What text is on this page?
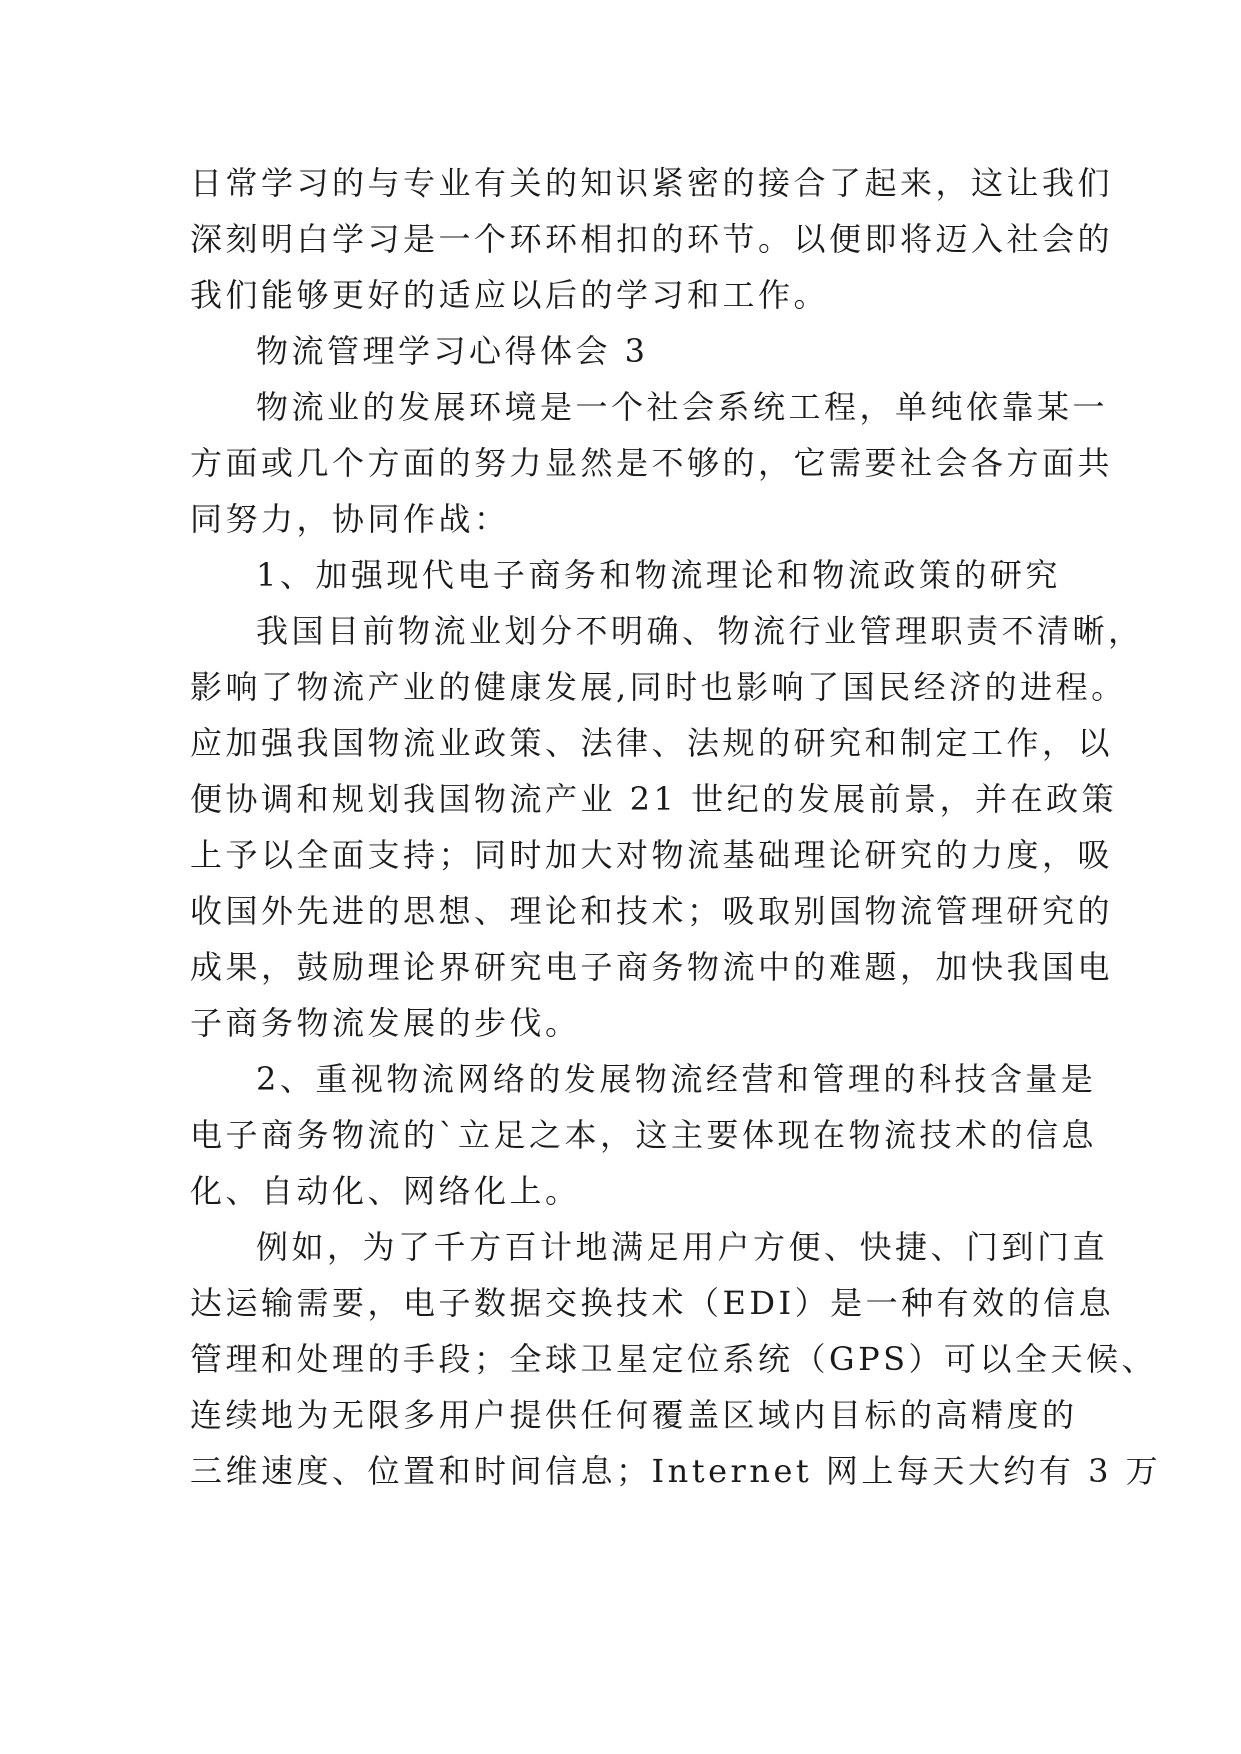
日常学习的与专业有关的知识紧密的接合了起来，这让我们
深刻明白学习是一个环环相扣的环节。以便即将迈入社会的
我们能够更好的适应以后的学习和工作。
物流管理学习心得体会 3
物流业的发展环境是一个社会系统工程，单纯依靠某一
方面或几个方面的努力显然是不够的，它需要社会各方面共
同努力，协同作战：
1、加强现代电子商务和物流理论和物流政策的研究
我国目前物流业划分不明确、物流行业管理职责不清晰，
影响了物流产业的健康发展,同时也影响了国民经济的进程。
应加强我国物流业政策、法律、法规的研究和制定工作，以
便协调和规划我国物流产业 21 世纪的发展前景，并在政策
上予以全面支持；同时加大对物流基础理论研究的力度，吸
收国外先进的思想、理论和技术；吸取别国物流管理研究的
成果，鼓励理论界研究电子商务物流中的难题，加快我国电
子商务物流发展的步伐。
2、重视物流网络的发展物流经营和管理的科技含量是
电子商务物流的`立足之本，这主要体现在物流技术的信息
化、自动化、网络化上。
例如，为了千方百计地满足用户方便、快捷、门到门直
达运输需要，电子数据交换技术（EDI）是一种有效的信息
管理和处理的手段；全球卫星定位系统（GPS）可以全天候、
连续地为无限多用户提供任何覆盖区域内目标的高精度的
三维速度、位置和时间信息；Internet 网上每天大约有 3 万
